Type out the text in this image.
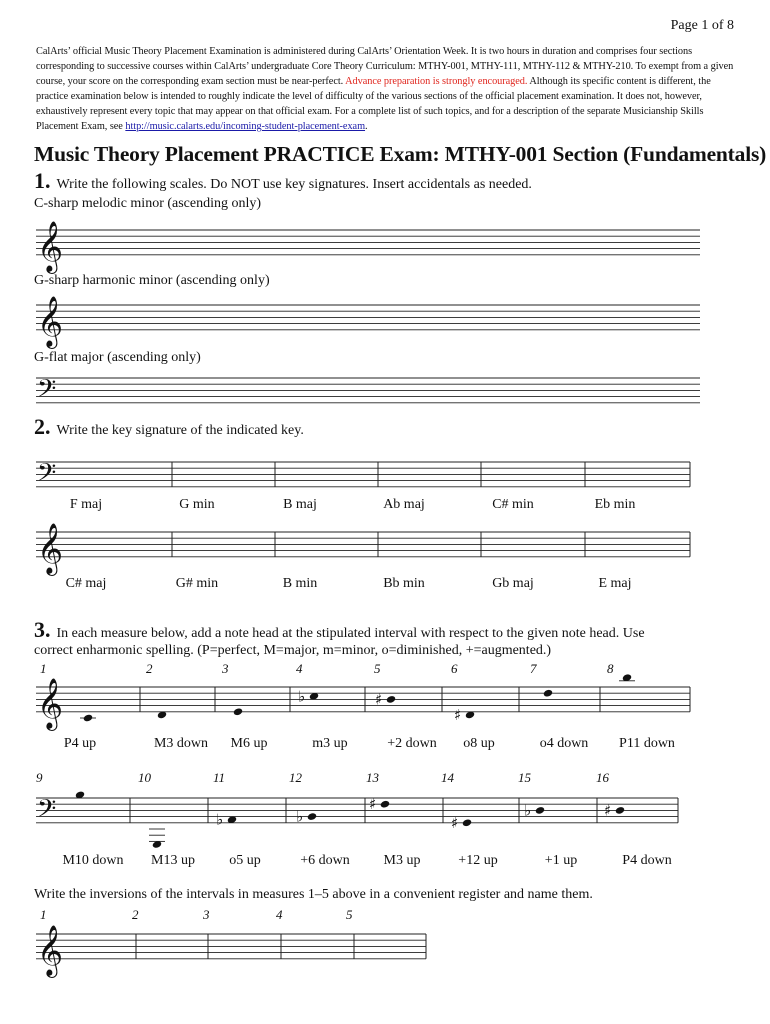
Page 1 of 8
CalArts’ official Music Theory Placement Examination is administered during CalArts’ Orientation Week. It is two hours in duration and comprises four sections corresponding to successive courses within CalArts’ undergraduate Core Theory Curriculum: MTHY-001, MTHY-111, MTHY-112 & MTHY-210. To exempt from a given course, your score on the corresponding exam section must be near-perfect. Advance preparation is strongly encouraged. Although its specific content is different, the practice examination below is intended to roughly indicate the level of difficulty of the various sections of the official placement examination. It does not, however, exhaustively represent every topic that may appear on that official exam. For a complete list of such topics, and for a description of the separate Musicianship Skills Placement Exam, see http://music.calarts.edu/incoming-student-placement-exam.
Music Theory Placement PRACTICE Exam: MTHY-001 Section (Fundamentals)
1. Write the following scales. Do NOT use key signatures. Insert accidentals as needed.
C-sharp melodic minor (ascending only)
G-sharp harmonic minor (ascending only)
G-flat major (ascending only)
2. Write the key signature of the indicated key.
3. In each measure below, add a note head at the stipulated interval with respect to the given note head. Use
correct enharmonic spelling. (P=perfect, M=major, m=minor, o=diminished, +=augmented.)
Write the inversions of the intervals in measures 1–5 above in a convenient register and name them.
F maj	G min	B maj	Ab maj	C# min	Eb min
C# maj	G# min	B min	Bb min	Gb maj	E maj
1	2	3	4	5	6	7	8
P4 up	M3 down	M6 up	m3 up	+2 down	o8 up	o4 down	P11 down
9	10	11	12	13	14	15	16
M10 down	M13 up	o5 up	+6 down	M3 up	+12 up	+1 up	P4 down
1	2	3	4	5
𝄞
𝄞
𝄢
𝄢
𝄞
𝄞	♭	♯
♯
𝄢	♭	♭
♯
♯
♭	♯
𝄞
